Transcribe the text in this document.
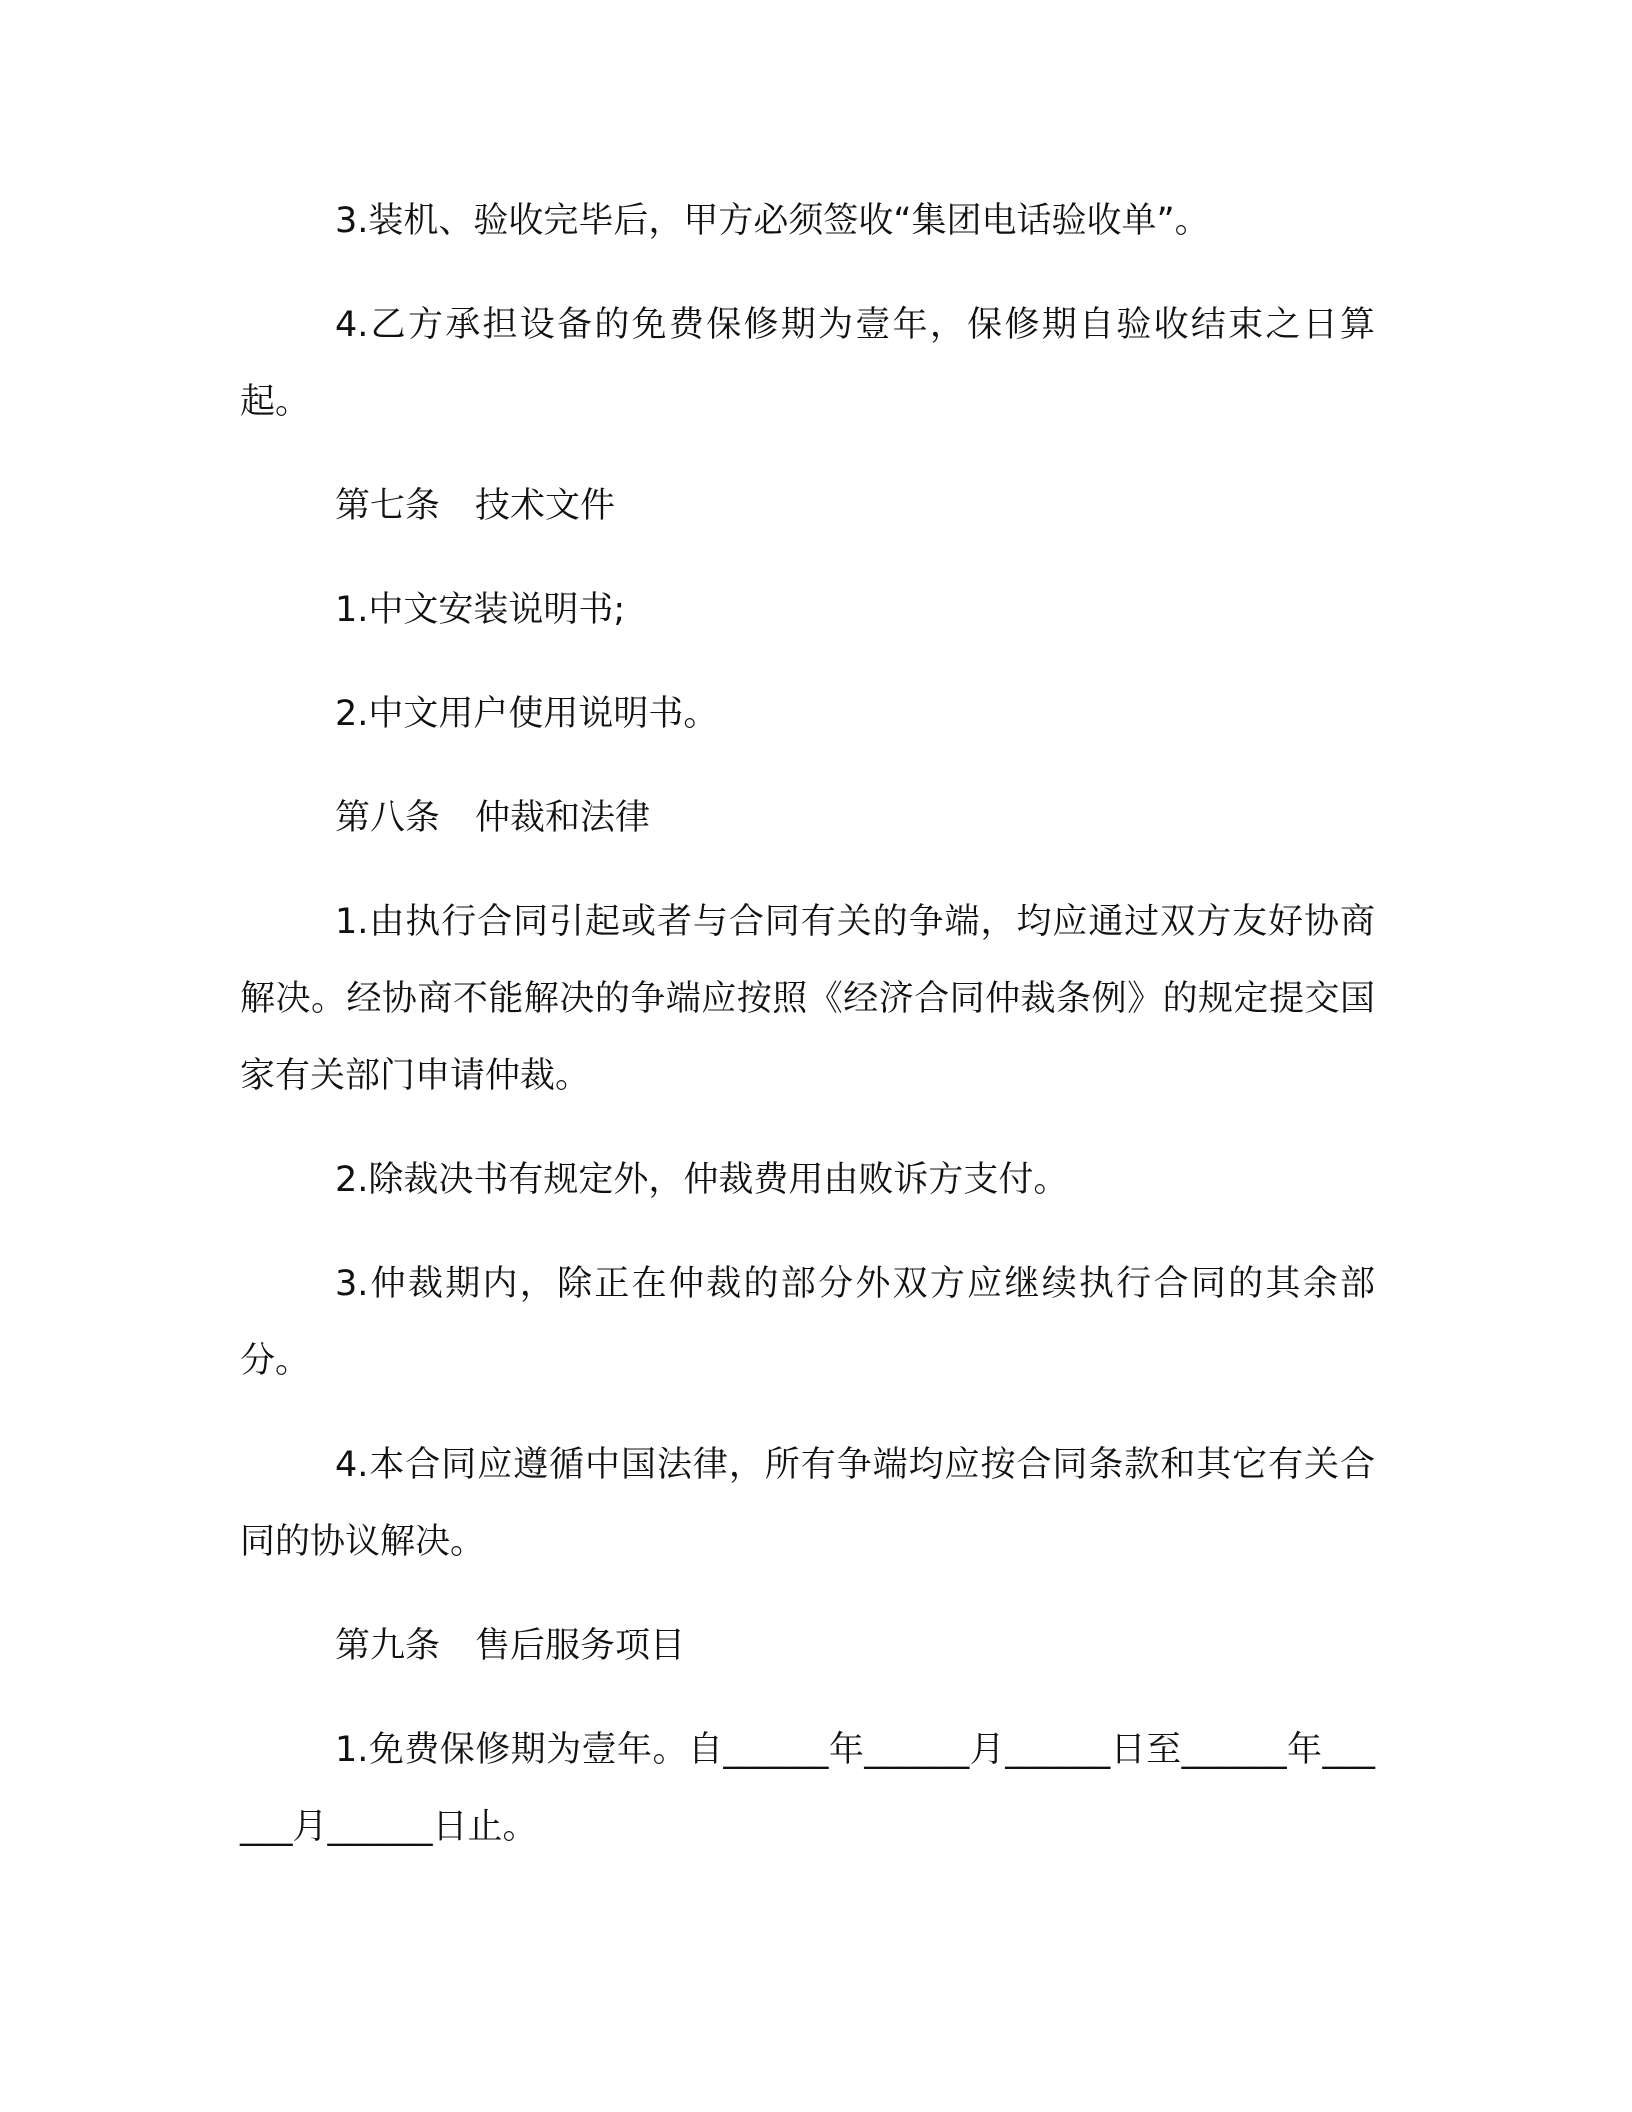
3.装机、验收完毕后，甲方必须签收“集团电话验收单”。

4.乙方承担设备的免费保修期为壹年，保修期自验收结束之日算起。

第七条　技术文件

1.中文安装说明书;

2.中文用户使用说明书。

第八条　仲裁和法律

1.由执行合同引起或者与合同有关的争端，均应通过双方友好协商解决。经协商不能解决的争端应按照《经济合同仲裁条例》的规定提交国家有关部门申请仲裁。

2.除裁决书有规定外，仲裁费用由败诉方支付。

3.仲裁期内，除正在仲裁的部分外双方应继续执行合同的其余部分。

4.本合同应遵循中国法律，所有争端均应按合同条款和其它有关合同的协议解决。

第九条　售后服务项目

1.免费保修期为壹年。自______年______月______日至______年______月______日止。
